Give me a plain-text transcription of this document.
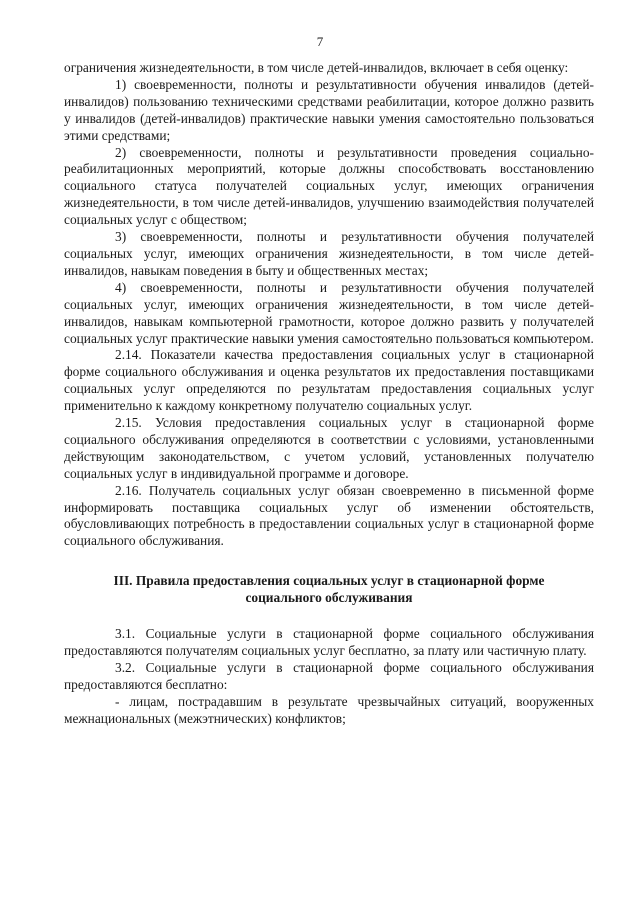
7

ограничения жизнедеятельности, в том числе детей-инвалидов, включает в себя оценку:

1) своевременности, полноты и результативности обучения инвалидов (детей-инвалидов) пользованию техническими средствами реабилитации, которое должно развить у инвалидов (детей-инвалидов) практические навыки умения самостоятельно пользоваться этими средствами;

2) своевременности, полноты и результативности проведения социально-реабилитационных мероприятий, которые должны способствовать восстановлению социального статуса получателей социальных услуг, имеющих ограничения жизнедеятельности, в том числе детей-инвалидов, улучшению взаимодействия получателей социальных услуг с обществом;

3) своевременности, полноты и результативности обучения получателей социальных услуг, имеющих ограничения жизнедеятельности, в том числе детей-инвалидов, навыкам поведения в быту и общественных местах;

4) своевременности, полноты и результативности обучения получателей социальных услуг, имеющих ограничения жизнедеятельности, в том числе детей-инвалидов, навыкам компьютерной грамотности, которое должно развить у получателей социальных услуг практические навыки умения самостоятельно пользоваться компьютером.

2.14. Показатели качества предоставления социальных услуг в стационарной форме социального обслуживания и оценка результатов их предоставления поставщиками социальных услуг определяются по результатам предоставления социальных услуг применительно к каждому конкретному получателю социальных услуг.

2.15. Условия предоставления социальных услуг в стационарной форме социального обслуживания определяются в соответствии с условиями, установленными действующим законодательством, с учетом условий, установленных получателю социальных услуг в индивидуальной программе и договоре.

2.16. Получатель социальных услуг обязан своевременно в письменной форме информировать поставщика социальных услуг об изменении обстоятельств, обусловливающих потребность в предоставлении социальных услуг в стационарной форме социального обслуживания.

III. Правила предоставления социальных услуг в стационарной форме
социального обслуживания

3.1. Социальные услуги в стационарной форме социального обслуживания предоставляются получателям социальных услуг бесплатно, за плату или частичную плату.

3.2. Социальные услуги в стационарной форме социального обслуживания предоставляются бесплатно:

- лицам, пострадавшим в результате чрезвычайных ситуаций, вооруженных межнациональных (межэтнических) конфликтов;
